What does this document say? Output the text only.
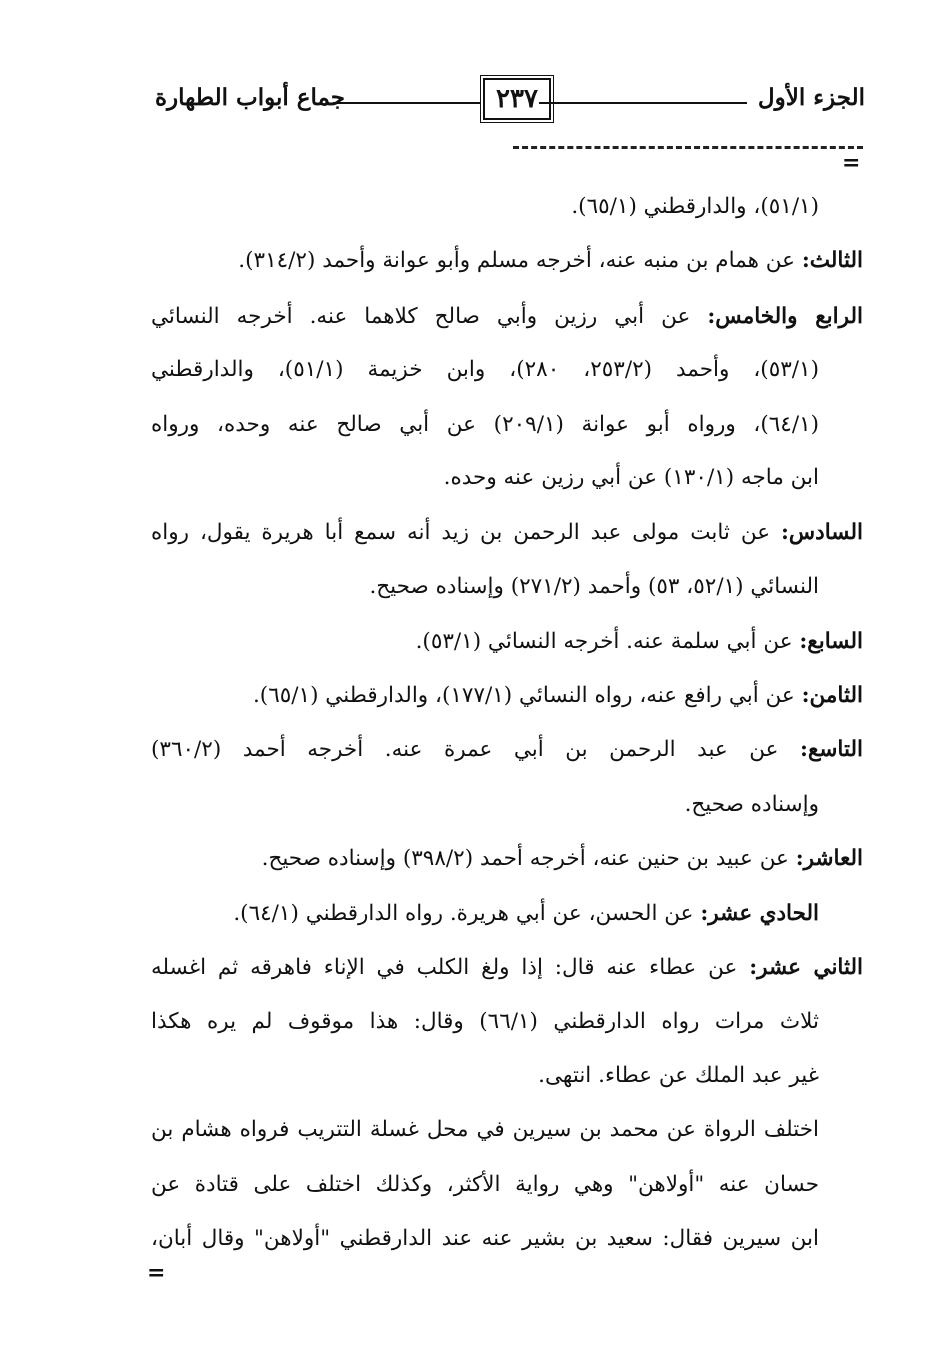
الجزء الأول
٢٣٧
جماع أبواب الطهارة
=
(٥١/١)، والدارقطني (٦٥/١).
الثالث: عن همام بن منبه عنه، أخرجه مسلم وأبو عوانة وأحمد (٣١٤/٢).
الرابع والخامس: عن أبي رزين وأبي صالح كلاهما عنه. أخرجه النسائي
(٥٣/١)، وأحمد (٢٥٣/٢، ٢٨٠)، وابن خزيمة (٥١/١)، والدارقطني
(٦٤/١)، ورواه أبو عوانة (٢٠٩/١) عن أبي صالح عنه وحده، ورواه
ابن ماجه (١٣٠/١) عن أبي رزين عنه وحده.
السادس: عن ثابت مولى عبد الرحمن بن زيد أنه سمع أبا هريرة يقول، رواه
النسائي (٥٢/١، ٥٣) وأحمد (٢٧١/٢) وإسناده صحيح.
السابع: عن أبي سلمة عنه. أخرجه النسائي (٥٣/١).
الثامن: عن أبي رافع عنه، رواه النسائي (١٧٧/١)، والدارقطني (٦٥/١).
التاسع: عن عبد الرحمن بن أبي عمرة عنه. أخرجه أحمد (٣٦٠/٢)
وإسناده صحيح.
العاشر: عن عبيد بن حنين عنه، أخرجه أحمد (٣٩٨/٢) وإسناده صحيح.
الحادي عشر: عن الحسن، عن أبي هريرة. رواه الدارقطني (٦٤/١).
الثاني عشر: عن عطاء عنه قال: إذا ولغ الكلب في الإناء فاهرقه ثم اغسله
ثلاث مرات رواه الدارقطني (٦٦/١) وقال: هذا موقوف لم يره هكذا
غير عبد الملك عن عطاء. انتهى.
اختلف الرواة عن محمد بن سيرين في محل غسلة التتريب فرواه هشام بن
حسان عنه "أولاهن" وهي رواية الأكثر، وكذلك اختلف على قتادة عن
ابن سيرين فقال: سعيد بن بشير عنه عند الدارقطني "أولاهن" وقال أبان،
=
